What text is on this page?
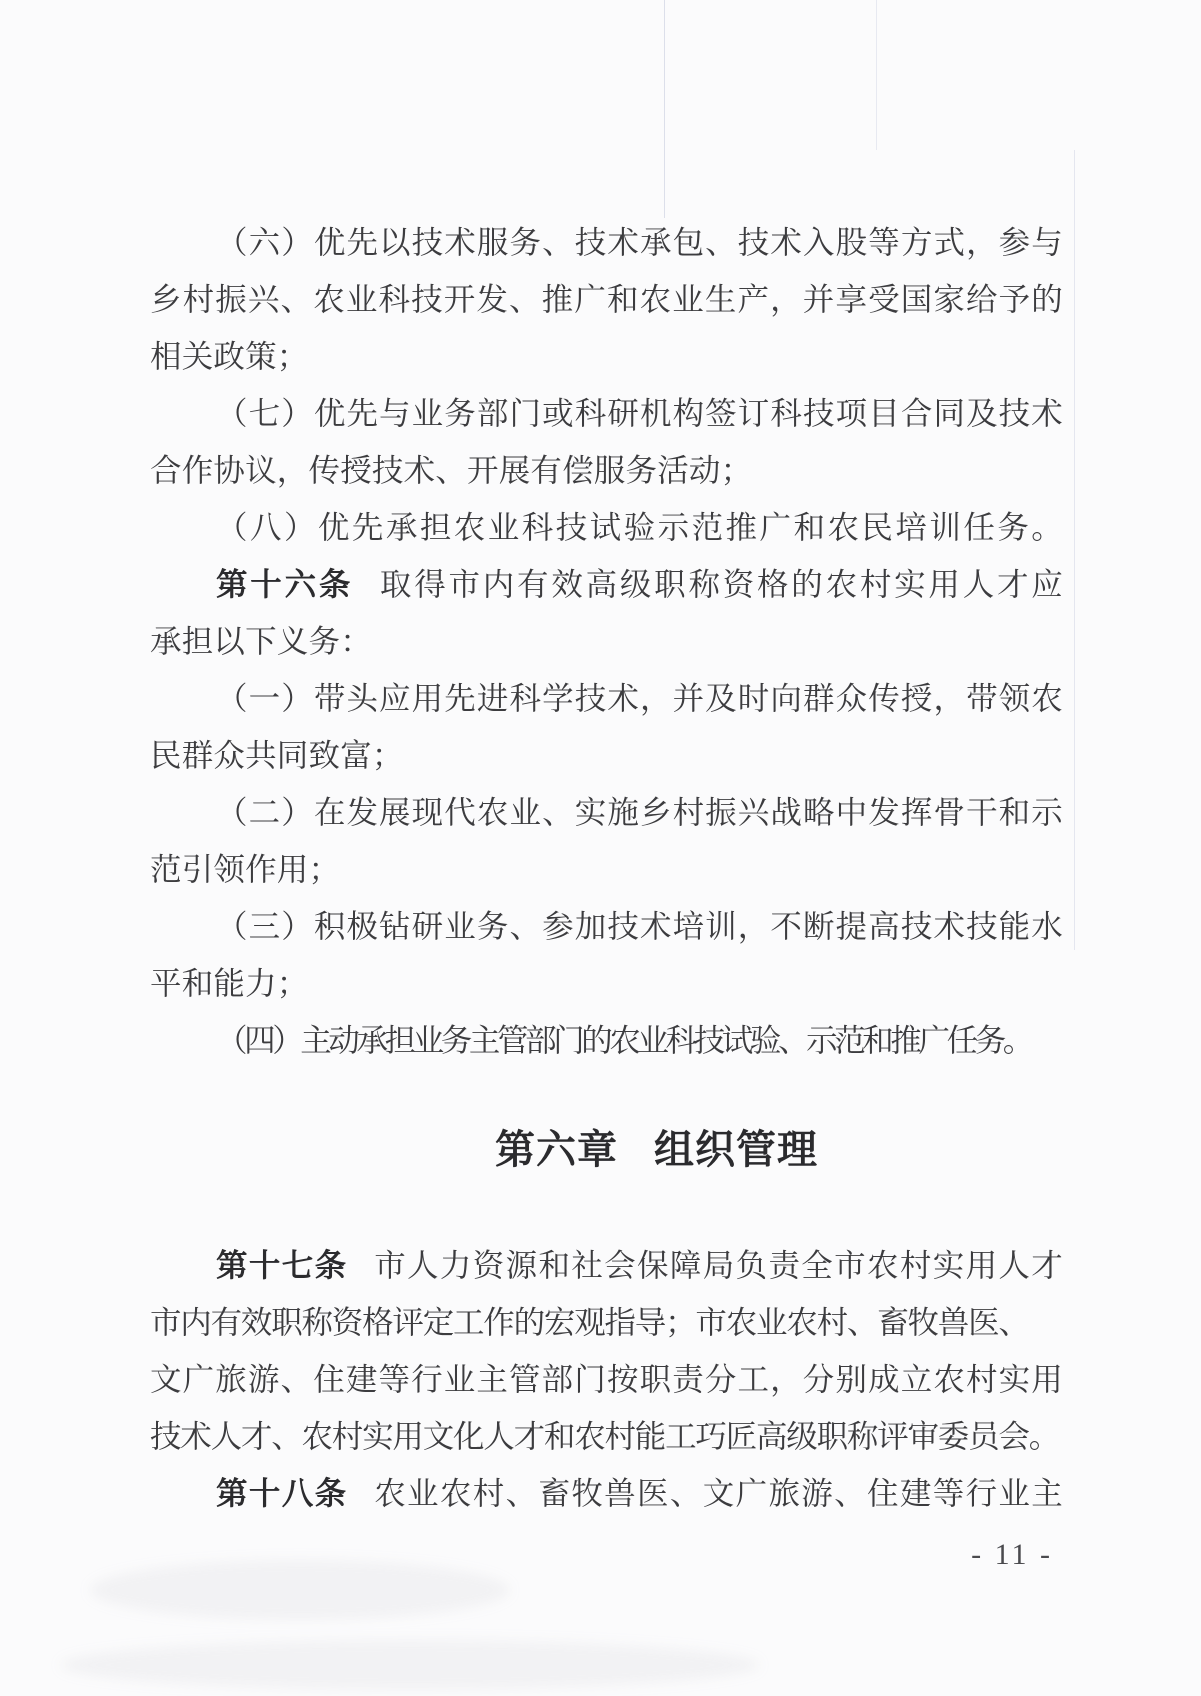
（六）优先以技术服务、技术承包、技术入股等方式，参与
乡村振兴、农业科技开发、推广和农业生产，并享受国家给予的
相关政策；
（七）优先与业务部门或科研机构签订科技项目合同及技术
合作协议，传授技术、开展有偿服务活动；
（八）优先承担农业科技试验示范推广和农民培训任务。
第十六条 取得市内有效高级职称资格的农村实用人才应
承担以下义务：
（一）带头应用先进科学技术，并及时向群众传授，带领农
民群众共同致富；
（二）在发展现代农业、实施乡村振兴战略中发挥骨干和示
范引领作用；
（三）积极钻研业务、参加技术培训，不断提高技术技能水
平和能力；
（四）主动承担业务主管部门的农业科技试验、示范和推广任务。
第六章 组织管理
第十七条 市人力资源和社会保障局负责全市农村实用人才
市内有效职称资格评定工作的宏观指导；市农业农村、畜牧兽医、
文广旅游、住建等行业主管部门按职责分工，分别成立农村实用
技术人才、农村实用文化人才和农村能工巧匠高级职称评审委员会。
第十八条 农业农村、畜牧兽医、文广旅游、住建等行业主
- 11 -
